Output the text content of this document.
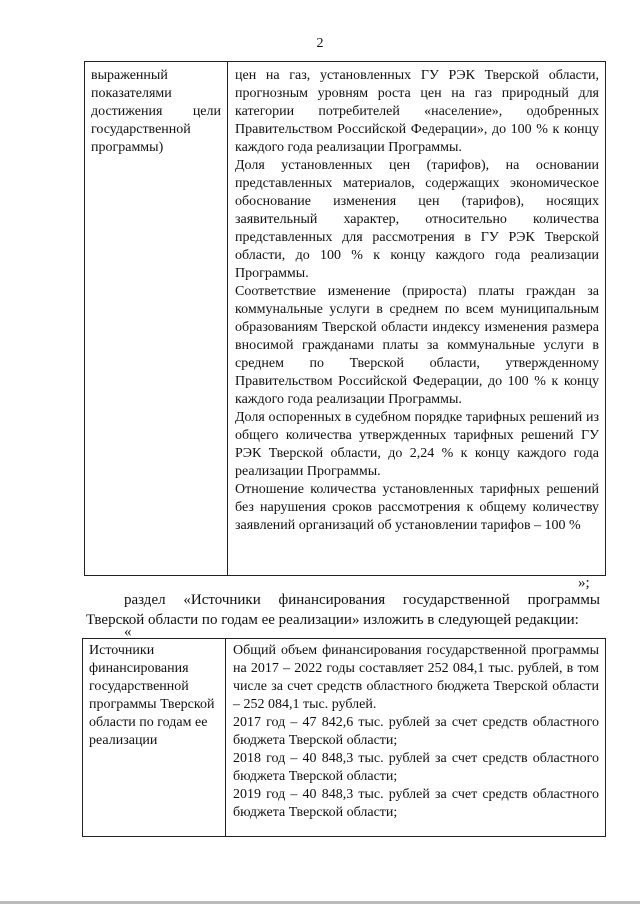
2
выраженный показателями достижения цели государственной программы)
цен на газ, установленных ГУ РЭК Тверской области, прогнозным уровням роста цен на газ природный для категории потребителей «население», одобренных Правительством Российской Федерации», до 100 % к концу каждого года реализации Программы.
Доля установленных цен (тарифов), на основании представленных материалов, содержащих экономическое обоснование изменения цен (тарифов), носящих заявительный характер, относительно количества представленных для рассмотрения в ГУ РЭК Тверской области, до 100 % к концу каждого года реализации Программы.
Соответствие изменение (прироста) платы граждан за коммунальные услуги в среднем по всем муниципальным образованиям Тверской области индексу изменения размера вносимой гражданами платы за коммунальные услуги в среднем по Тверской области, утвержденному Правительством Российской Федерации, до 100 % к концу каждого года реализации Программы.
Доля оспоренных в судебном порядке тарифных решений из общего количества утвержденных тарифных решений ГУ РЭК Тверской области, до 2,24 % к концу каждого года реализации Программы.
Отношение количества установленных тарифных решений без нарушения сроков рассмотрения к общему количеству заявлений организаций об установлении тарифов – 100 %
»;
раздел «Источники финансирования государственной программы Тверской области по годам ее реализации» изложить в следующей редакции:
«
Источники финансирования государственной программы Тверской области по годам ее реализации
Общий объем финансирования государственной программы на 2017 – 2022 годы составляет 252 084,1 тыс. рублей, в том числе за счет средств областного бюджета Тверской области – 252 084,1 тыс. рублей.
2017 год – 47 842,6 тыс. рублей за счет средств областного бюджета Тверской области;
2018 год – 40 848,3 тыс. рублей за счет средств областного бюджета Тверской области;
2019 год – 40 848,3 тыс. рублей за счет средств областного бюджета Тверской области;
